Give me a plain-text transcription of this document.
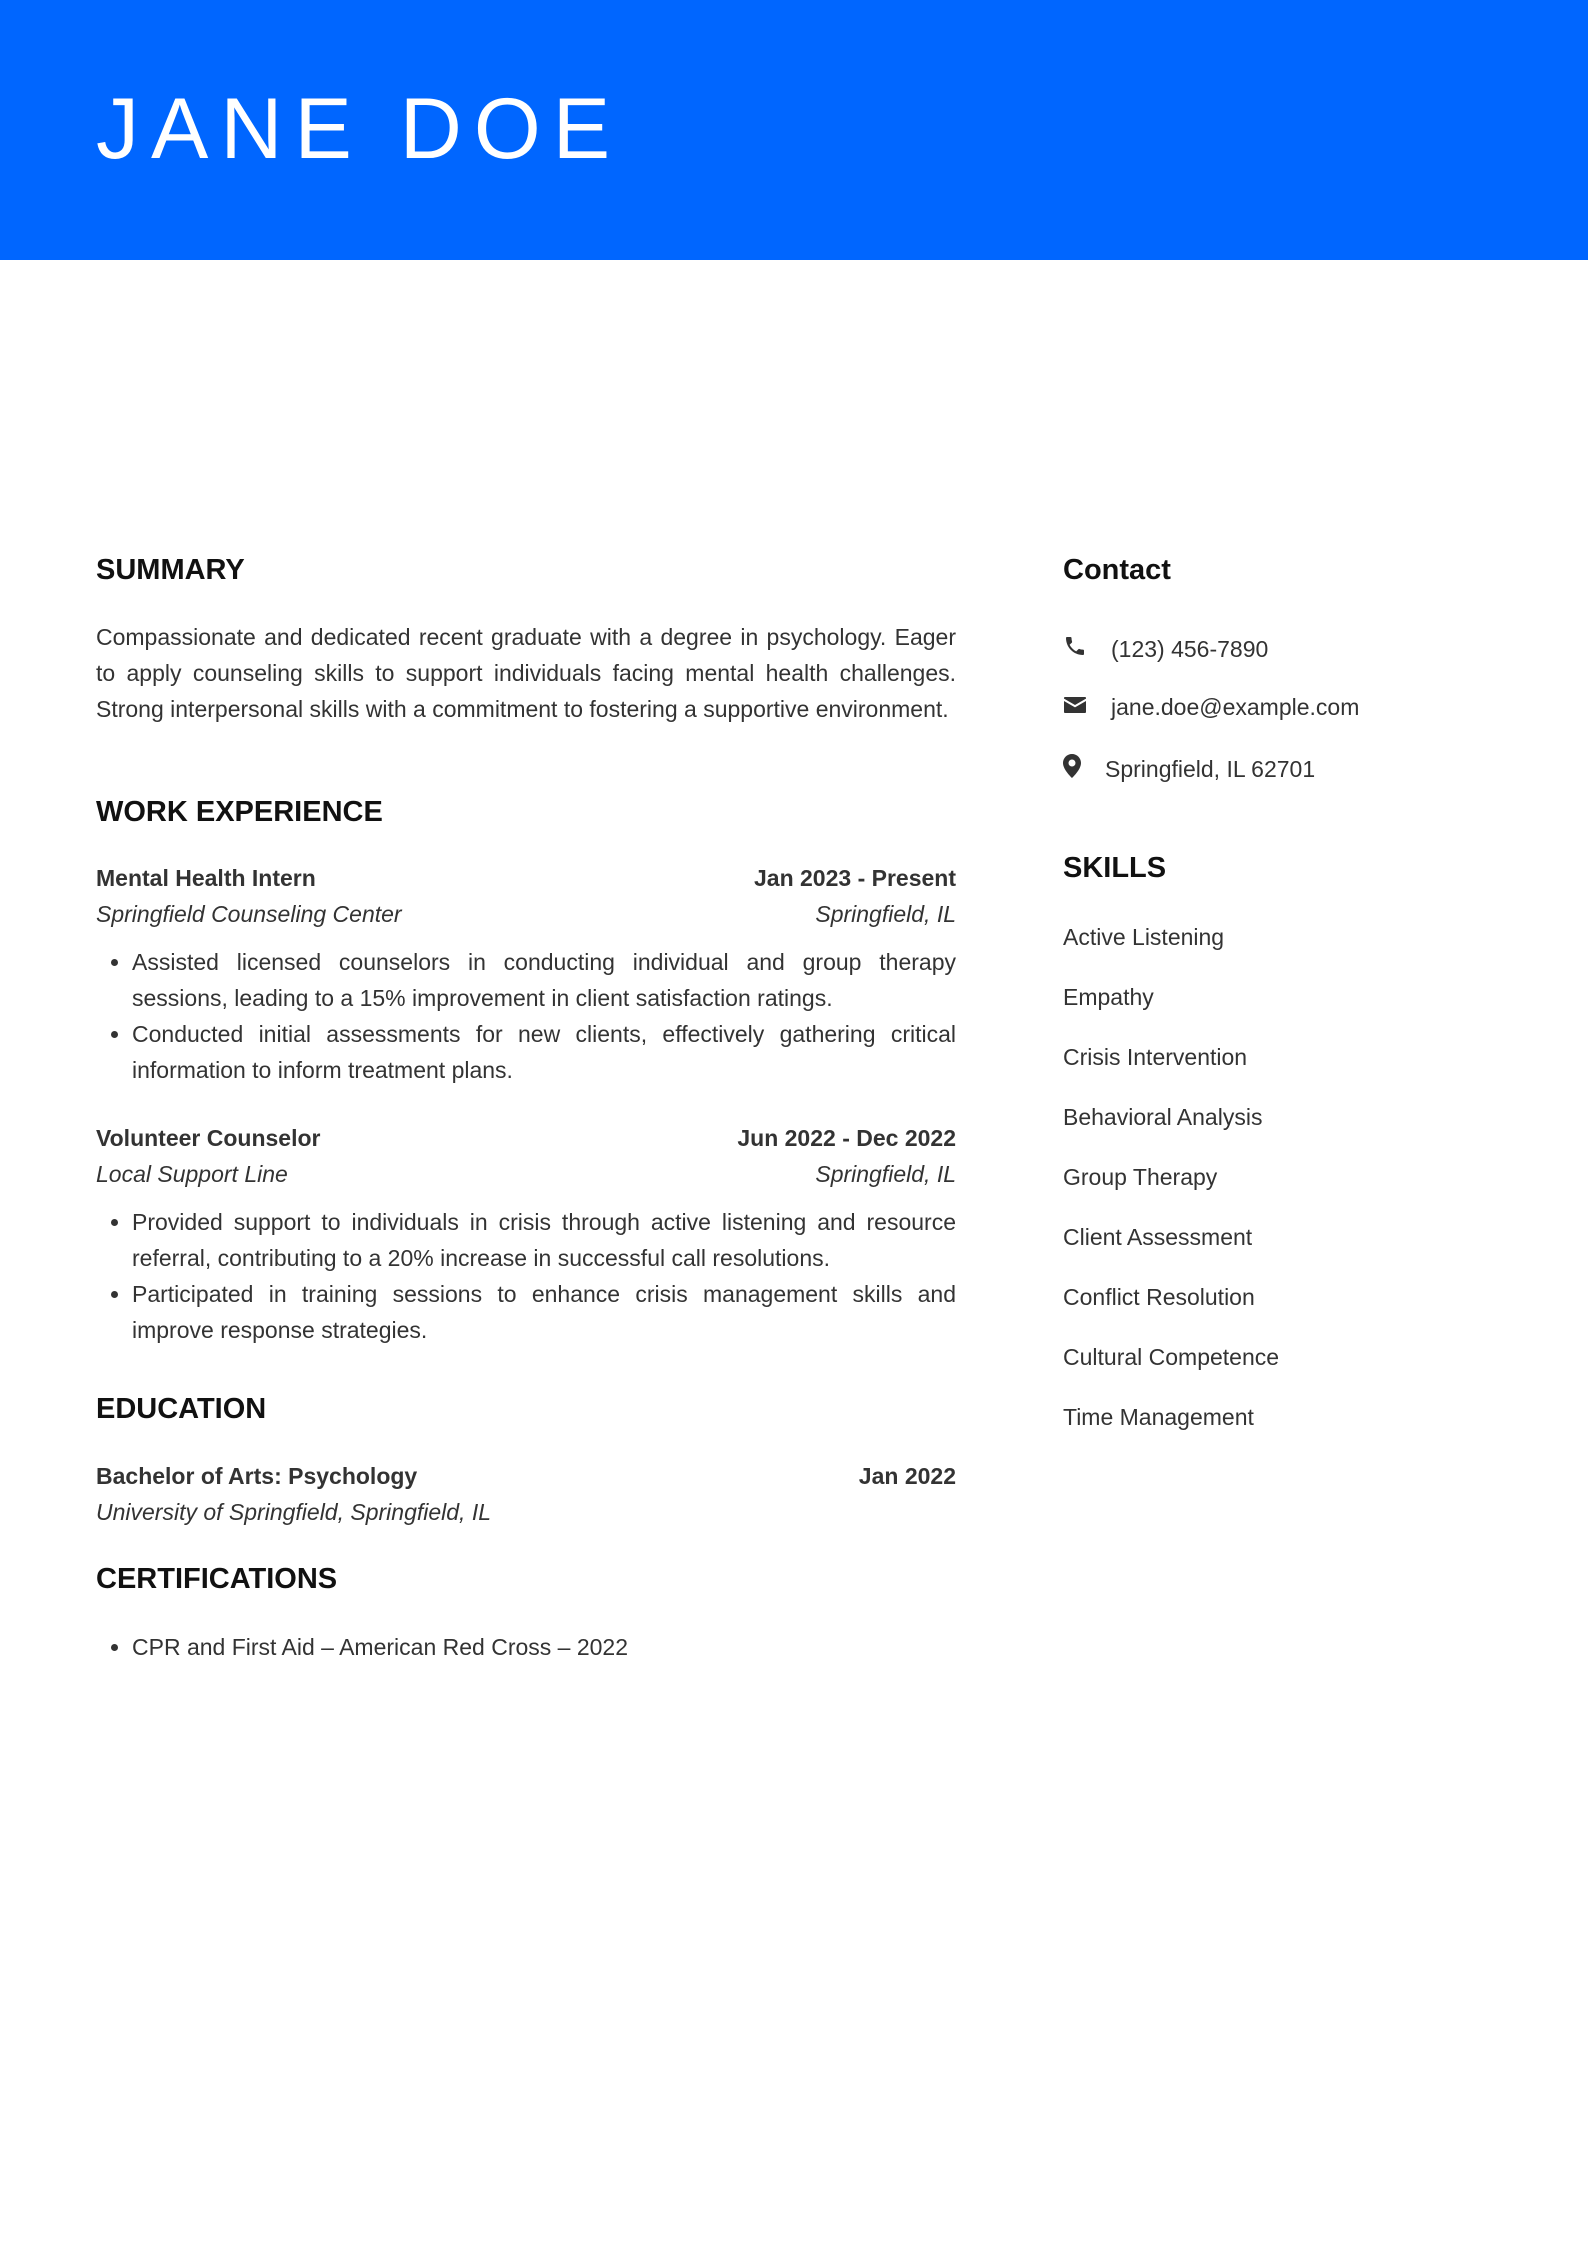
JANE DOE
SUMMARY

Compassionate and dedicated recent graduate with a degree in psychology. Eager to apply counseling skills to support individuals facing mental health challenges. Strong interpersonal skills with a commitment to fostering a supportive environment.

WORK EXPERIENCE
Mental Health Intern	Jan 2023 - Present
Springfield Counseling Center	Springfield, IL
• Assisted licensed counselors in conducting individual and group therapy sessions, leading to a 15% improvement in client satisfaction ratings.
• Conducted initial assessments for new clients, effectively gathering critical information to inform treatment plans.
Volunteer Counselor	Jun 2022 - Dec 2022
Local Support Line	Springfield, IL
• Provided support to individuals in crisis through active listening and resource referral, contributing to a 20% increase in successful call resolutions.
• Participated in training sessions to enhance crisis management skills and improve response strategies.
EDUCATION
Bachelor of Arts: Psychology	Jan 2022
University of Springfield, Springfield, IL
CERTIFICATIONS
• CPR and First Aid – American Red Cross – 2022
Contact
(123) 456-7890
jane.doe@example.com
Springfield, IL 62701
SKILLS
Active Listening
Empathy
Crisis Intervention
Behavioral Analysis
Group Therapy
Client Assessment
Conflict Resolution
Cultural Competence
Time Management
